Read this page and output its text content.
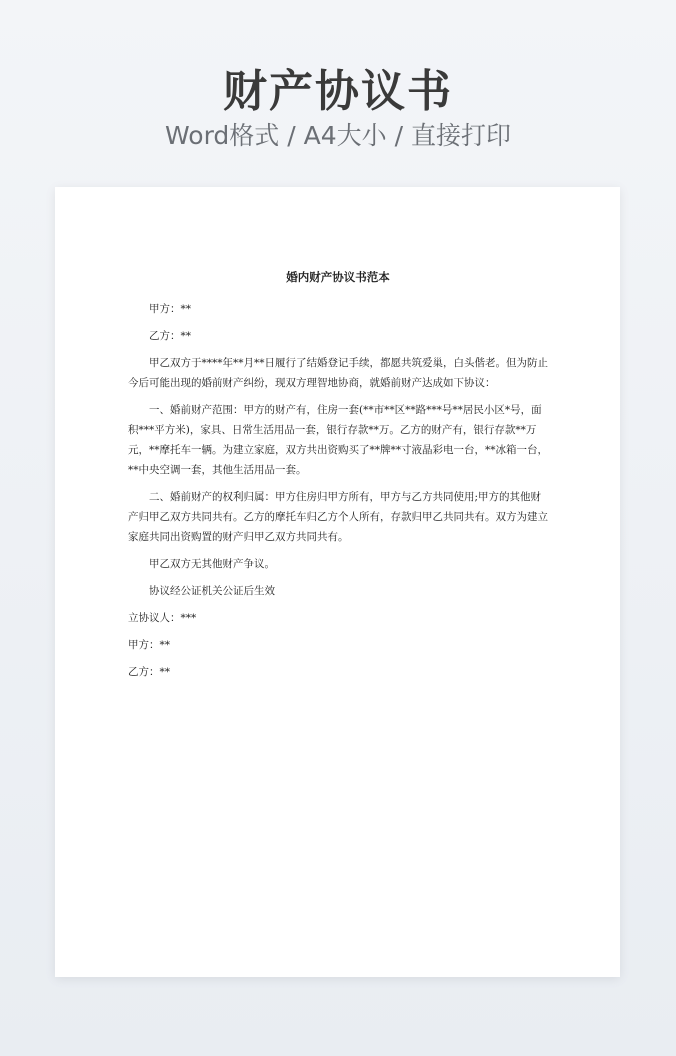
财产协议书
Word格式 / A4大小 / 直接打印
婚内财产协议书范本

甲方：**

乙方：**

甲乙双方于****年**月**日履行了结婚登记手续，都愿共筑爱巢，白头偕老。但为防止今后可能出现的婚前财产纠纷，现双方理智地协商，就婚前财产达成如下协议：

一、婚前财产范围：甲方的财产有，住房一套(**市**区**路***号**居民小区*号，面积***平方米)，家具、日常生活用品一套，银行存款**万。乙方的财产有，银行存款**万元，**摩托车一辆。为建立家庭，双方共出资购买了**牌**寸液晶彩电一台，**冰箱一台，**中央空调一套，其他生活用品一套。

二、婚前财产的权利归属：甲方住房归甲方所有，甲方与乙方共同使用;甲方的其他财产归甲乙双方共同共有。乙方的摩托车归乙方个人所有，存款归甲乙共同共有。双方为建立家庭共同出资购置的财产归甲乙双方共同共有。

甲乙双方无其他财产争议。

协议经公证机关公证后生效

立协议人：***

甲方：**

乙方：**
